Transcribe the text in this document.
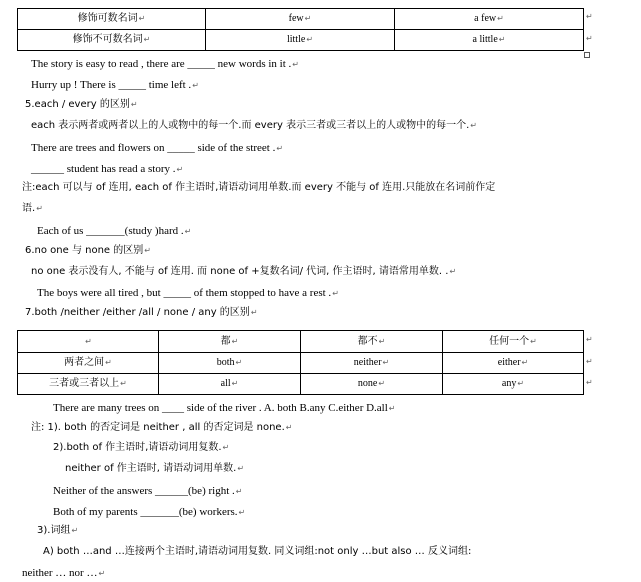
修饰可数名词↵	few↵	a few↵
修饰不可数名词↵	little↵	a little↵
↵
↵
The story is easy to read , there are _____ new words in it .↵
Hurry up ! There is _____ time left .↵
5.each / every 的区别↵
each 表示两者或两者以上的人或物中的每一个.而 every 表示三者或三者以上的人或物中的每一个.↵
There are trees and flowers on _____ side of the street .↵
______ student has read a story .↵
注:each 可以与 of 连用, each of 作主语时,请语动词用单数.而 every 不能与 of 连用.只能放在名词前作定
语.↵
Each of us _______(study )hard .↵
6.no one 与 none 的区别↵
no one 表示没有人, 不能与 of 连用. 而 none of +复数名词/ 代词, 作主语时, 请语常用单数. .↵
The boys were all tired , but _____ of them stopped to have a rest .↵
7.both /neither /either /all / none / any 的区别↵
↵	都↵	都不↵	任何一个↵
两者之间↵	both↵	neither↵	either↵
三者或三者以上↵	all↵	none↵	any↵
↵
↵
↵
There are many trees on ____ side of the river . A. both B.any C.either D.all↵
注: 1). both 的否定词是 neither , all 的否定词是 none.↵
2).both of 作主语时,请语动词用复数.↵
neither of 作主语时, 请语动词用单数.↵
Neither of the answers ______(be) right .↵
Both of my parents _______(be) workers.↵
3).词组↵
A) both …and …连接两个主语时,请语动词用复数. 同义词组:not only …but also … 反义词组:
neither … nor …↵
